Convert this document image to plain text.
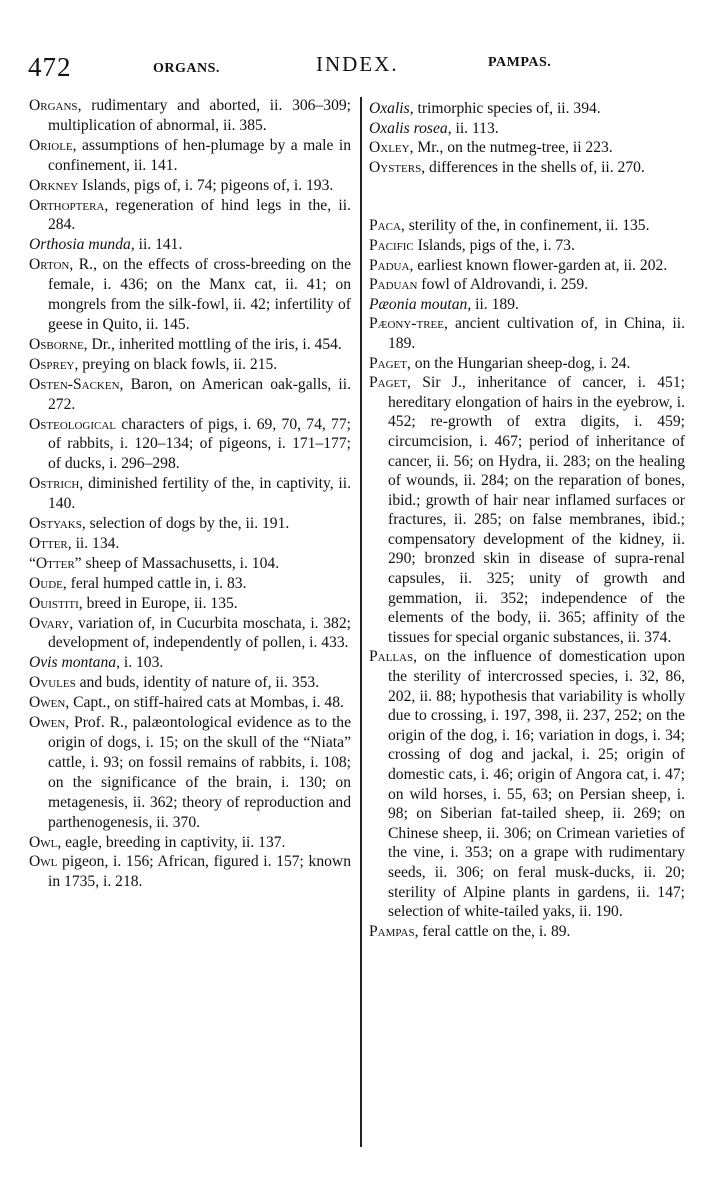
472	ORGANS.	INDEX.	PAMPAS.

Organs, rudimentary and aborted, ii. 306–309; multiplication of abnormal, ii. 385.

Oriole, assumptions of hen-plumage by a male in confinement, ii. 141.

Orkney Islands, pigs of, i. 74; pigeons of, i. 193.

Orthoptera, regeneration of hind legs in the, ii. 284.

Orthosia munda, ii. 141.

Orton, R., on the effects of cross-breeding on the female, i. 436; on the Manx cat, ii. 41; on mongrels from the silk-fowl, ii. 42; infertility of geese in Quito, ii. 145.

Osborne, Dr., inherited mottling of the iris, i. 454.

Osprey, preying on black fowls, ii. 215.

Osten-Sacken, Baron, on American oak-galls, ii. 272.

Osteological characters of pigs, i. 69, 70, 74, 77; of rabbits, i. 120–134; of pigeons, i. 171–177; of ducks, i. 296–298.

Ostrich, diminished fertility of the, in captivity, ii. 140.

Ostyaks, selection of dogs by the, ii. 191.

Otter, ii. 134.

“Otter” sheep of Massachusetts, i. 104.

Oude, feral humped cattle in, i. 83.

Ouistiti, breed in Europe, ii. 135.

Ovary, variation of, in Cucurbita moschata, i. 382; development of, independently of pollen, i. 433.

Ovis montana, i. 103.

Ovules and buds, identity of nature of, ii. 353.

Owen, Capt., on stiff-haired cats at Mombas, i. 48.

Owen, Prof. R., palæontological evidence as to the origin of dogs, i. 15; on the skull of the “Niata” cattle, i. 93; on fossil remains of rabbits, i. 108; on the significance of the brain, i. 130; on metagenesis, ii. 362; theory of reproduction and parthenogenesis, ii. 370.

Owl, eagle, breeding in captivity, ii. 137.

Owl pigeon, i. 156; African, figured i. 157; known in 1735, i. 218.

Oxalis, trimorphic species of, ii. 394.

Oxalis rosea, ii. 113.

Oxley, Mr., on the nutmeg-tree, ii 223.

Oysters, differences in the shells of, ii. 270.

Paca, sterility of the, in confinement, ii. 135.

Pacific Islands, pigs of the, i. 73.

Padua, earliest known flower-garden at, ii. 202.

Paduan fowl of Aldrovandi, i. 259.

Pæonia moutan, ii. 189.

Pæony-tree, ancient cultivation of, in China, ii. 189.

Paget, on the Hungarian sheep-dog, i. 24.

Paget, Sir J., inheritance of cancer, i. 451; hereditary elongation of hairs in the eyebrow, i. 452; re-growth of extra digits, i. 459; circumcision, i. 467; period of inheritance of cancer, ii. 56; on Hydra, ii. 283; on the healing of wounds, ii. 284; on the reparation of bones, ibid.; growth of hair near inflamed surfaces or fractures, ii. 285; on false membranes, ibid.; compensatory development of the kidney, ii. 290; bronzed skin in disease of supra-renal capsules, ii. 325; unity of growth and gemmation, ii. 352; independence of the elements of the body, ii. 365; affinity of the tissues for special organic substances, ii. 374.

Pallas, on the influence of domestication upon the sterility of intercrossed species, i. 32, 86, 202, ii. 88; hypothesis that variability is wholly due to crossing, i. 197, 398, ii. 237, 252; on the origin of the dog, i. 16; variation in dogs, i. 34; crossing of dog and jackal, i. 25; origin of domestic cats, i. 46; origin of Angora cat, i. 47; on wild horses, i. 55, 63; on Persian sheep, i. 98; on Siberian fat-tailed sheep, ii. 269; on Chinese sheep, ii. 306; on Crimean varieties of the vine, i. 353; on a grape with rudimentary seeds, ii. 306; on feral musk-ducks, ii. 20; sterility of Alpine plants in gardens, ii. 147; selection of white-tailed yaks, ii. 190.

Pampas, feral cattle on the, i. 89.
